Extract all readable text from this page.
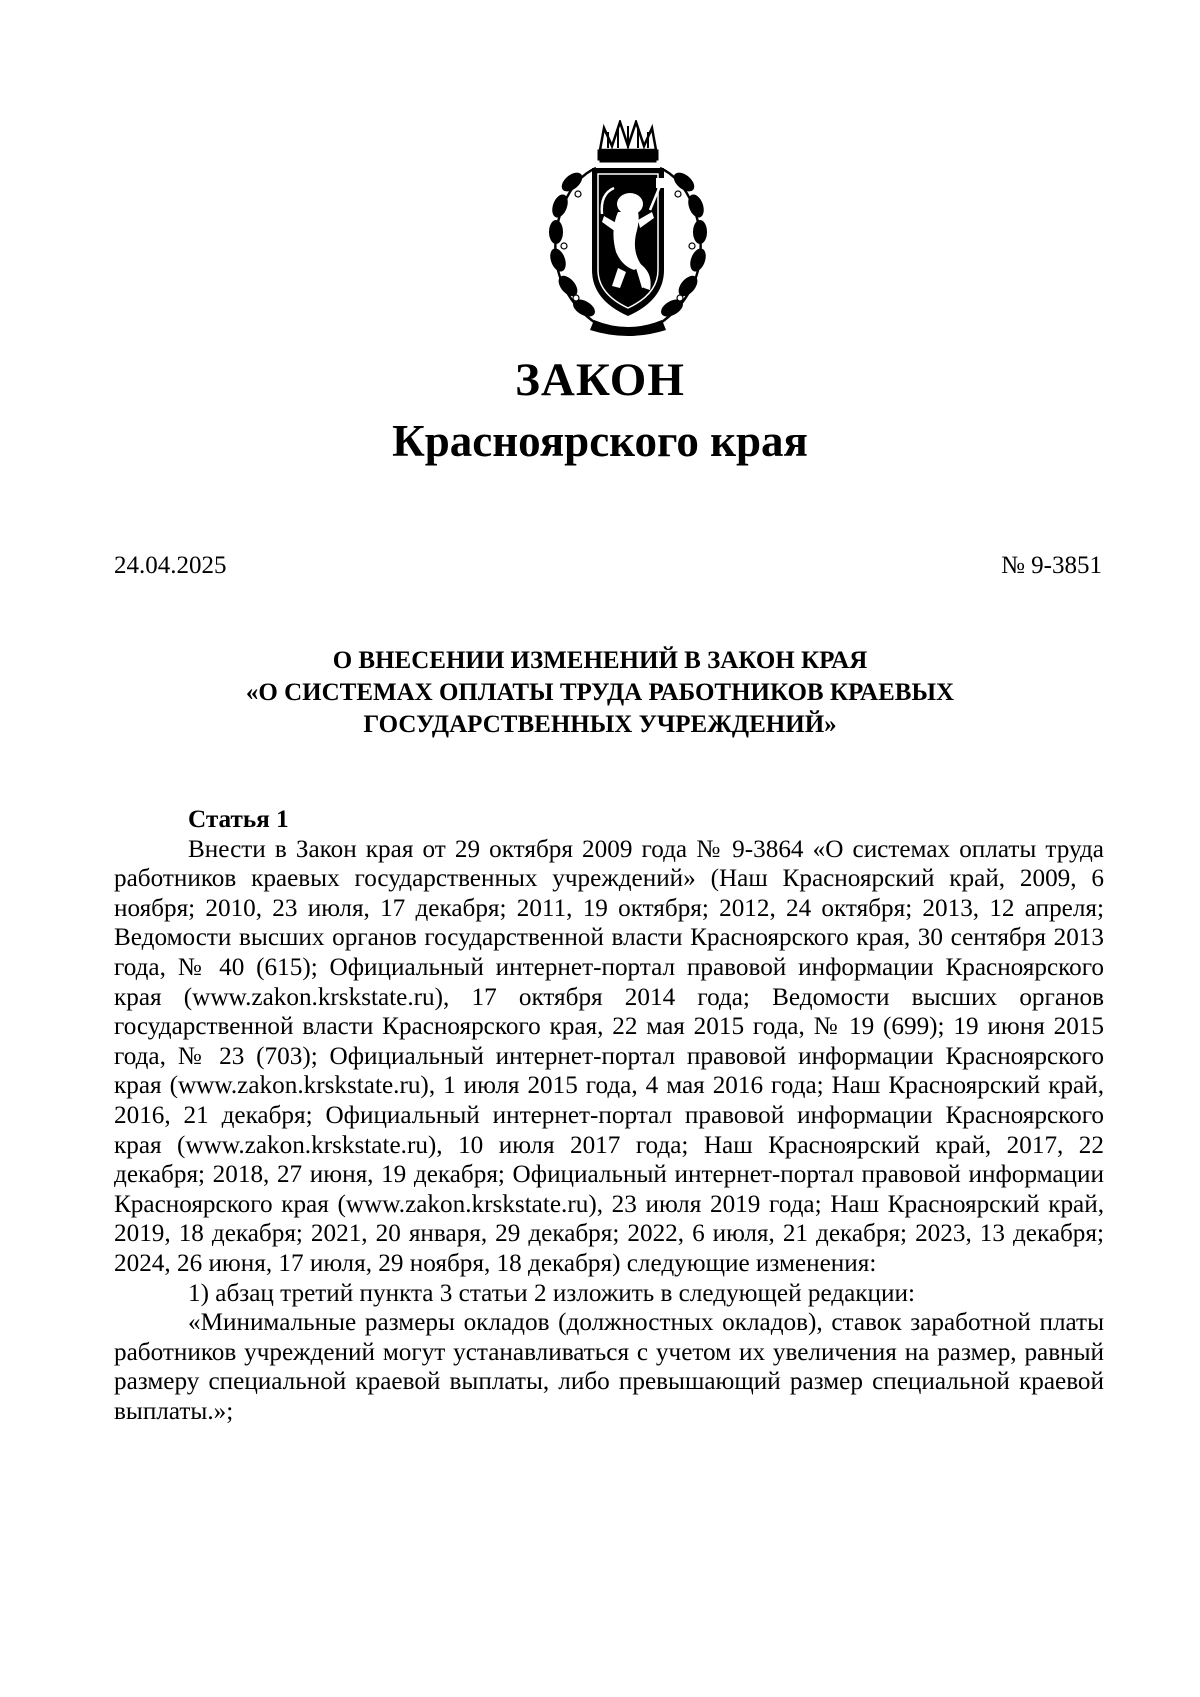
ЗАКОН
Красноярского края
24.04.2025	№ 9-3851
О ВНЕСЕНИИ ИЗМЕНЕНИЙ В ЗАКОН КРАЯ
«О СИСТЕМАХ ОПЛАТЫ ТРУДА РАБОТНИКОВ КРАЕВЫХ
ГОСУДАРСТВЕННЫХ УЧРЕЖДЕНИЙ»

Статья 1

Внести в Закон края от 29 октября 2009 года № 9-3864 «О системах оплаты труда работников краевых государственных учреждений» (Наш Красноярский край, 2009, 6 ноября; 2010, 23 июля, 17 декабря; 2011, 19 октября; 2012, 24 октября; 2013, 12 апреля; Ведомости высших органов государственной власти Красноярского края, 30 сентября 2013 года, № 40 (615); Официальный интернет-портал правовой информации Красноярского края (www.zakon.krskstate.ru), 17 октября 2014 года; Ведомости высших органов государственной власти Красноярского края, 22 мая 2015 года, № 19 (699); 19 июня 2015 года, № 23 (703); Официальный интернет-портал правовой информации Красноярского края (www.zakon.krskstate.ru), 1 июля 2015 года, 4 мая 2016 года; Наш Красноярский край, 2016, 21 декабря; Официальный интернет-портал правовой информации Красноярского края (www.zakon.krskstate.ru), 10 июля 2017 года; Наш Красноярский край, 2017, 22 декабря; 2018, 27 июня, 19 декабря; Официальный интернет-портал правовой информации Красноярского края (www.zakon.krskstate.ru), 23 июля 2019 года; Наш Красноярский край, 2019, 18 декабря; 2021, 20 января, 29 декабря; 2022, 6 июля, 21 декабря; 2023, 13 декабря; 2024, 26 июня, 17 июля, 29 ноября, 18 декабря) следующие изменения:

1) абзац третий пункта 3 статьи 2 изложить в следующей редакции:

«Минимальные размеры окладов (должностных окладов), ставок заработной платы работников учреждений могут устанавливаться с учетом их увеличения на размер, равный размеру специальной краевой выплаты, либо превышающий размер специальной краевой выплаты.»;
